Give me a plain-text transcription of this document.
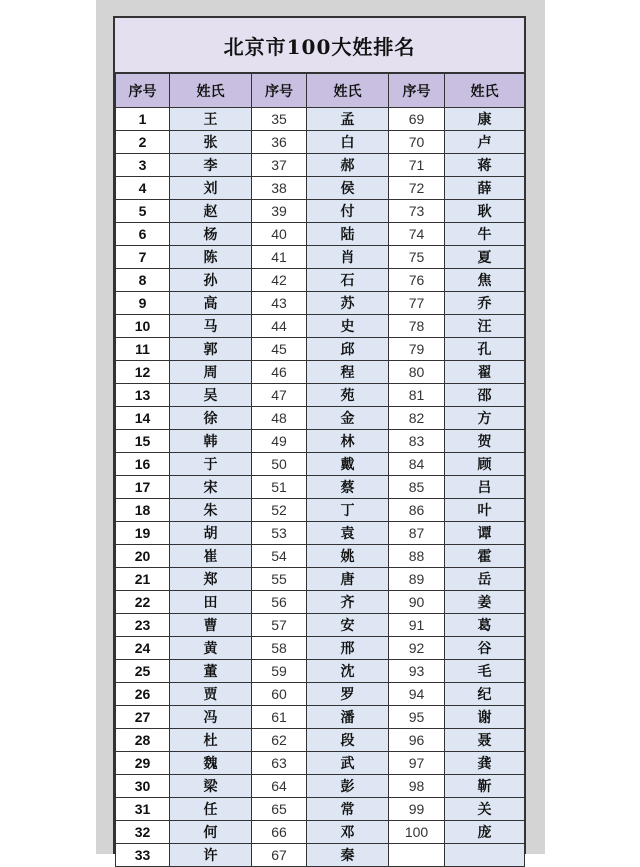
北京市100大姓排名
序号	姓氏	序号	姓氏	序号	姓氏
1	王	35	孟	69	康
2	张	36	白	70	卢
3	李	37	郝	71	蒋
4	刘	38	侯	72	薛
5	赵	39	付	73	耿
6	杨	40	陆	74	牛
7	陈	41	肖	75	夏
8	孙	42	石	76	焦
9	高	43	苏	77	乔
10	马	44	史	78	汪
11	郭	45	邱	79	孔
12	周	46	程	80	翟
13	吴	47	苑	81	邵
14	徐	48	金	82	方
15	韩	49	林	83	贺
16	于	50	戴	84	顾
17	宋	51	蔡	85	吕
18	朱	52	丁	86	叶
19	胡	53	袁	87	谭
20	崔	54	姚	88	霍
21	郑	55	唐	89	岳
22	田	56	齐	90	姜
23	曹	57	安	91	葛
24	黄	58	邢	92	谷
25	董	59	沈	93	毛
26	贾	60	罗	94	纪
27	冯	61	潘	95	谢
28	杜	62	段	96	聂
29	魏	63	武	97	龚
30	梁	64	彭	98	靳
31	任	65	常	99	关
32	何	66	邓	100	庞
33	许	67	秦		
